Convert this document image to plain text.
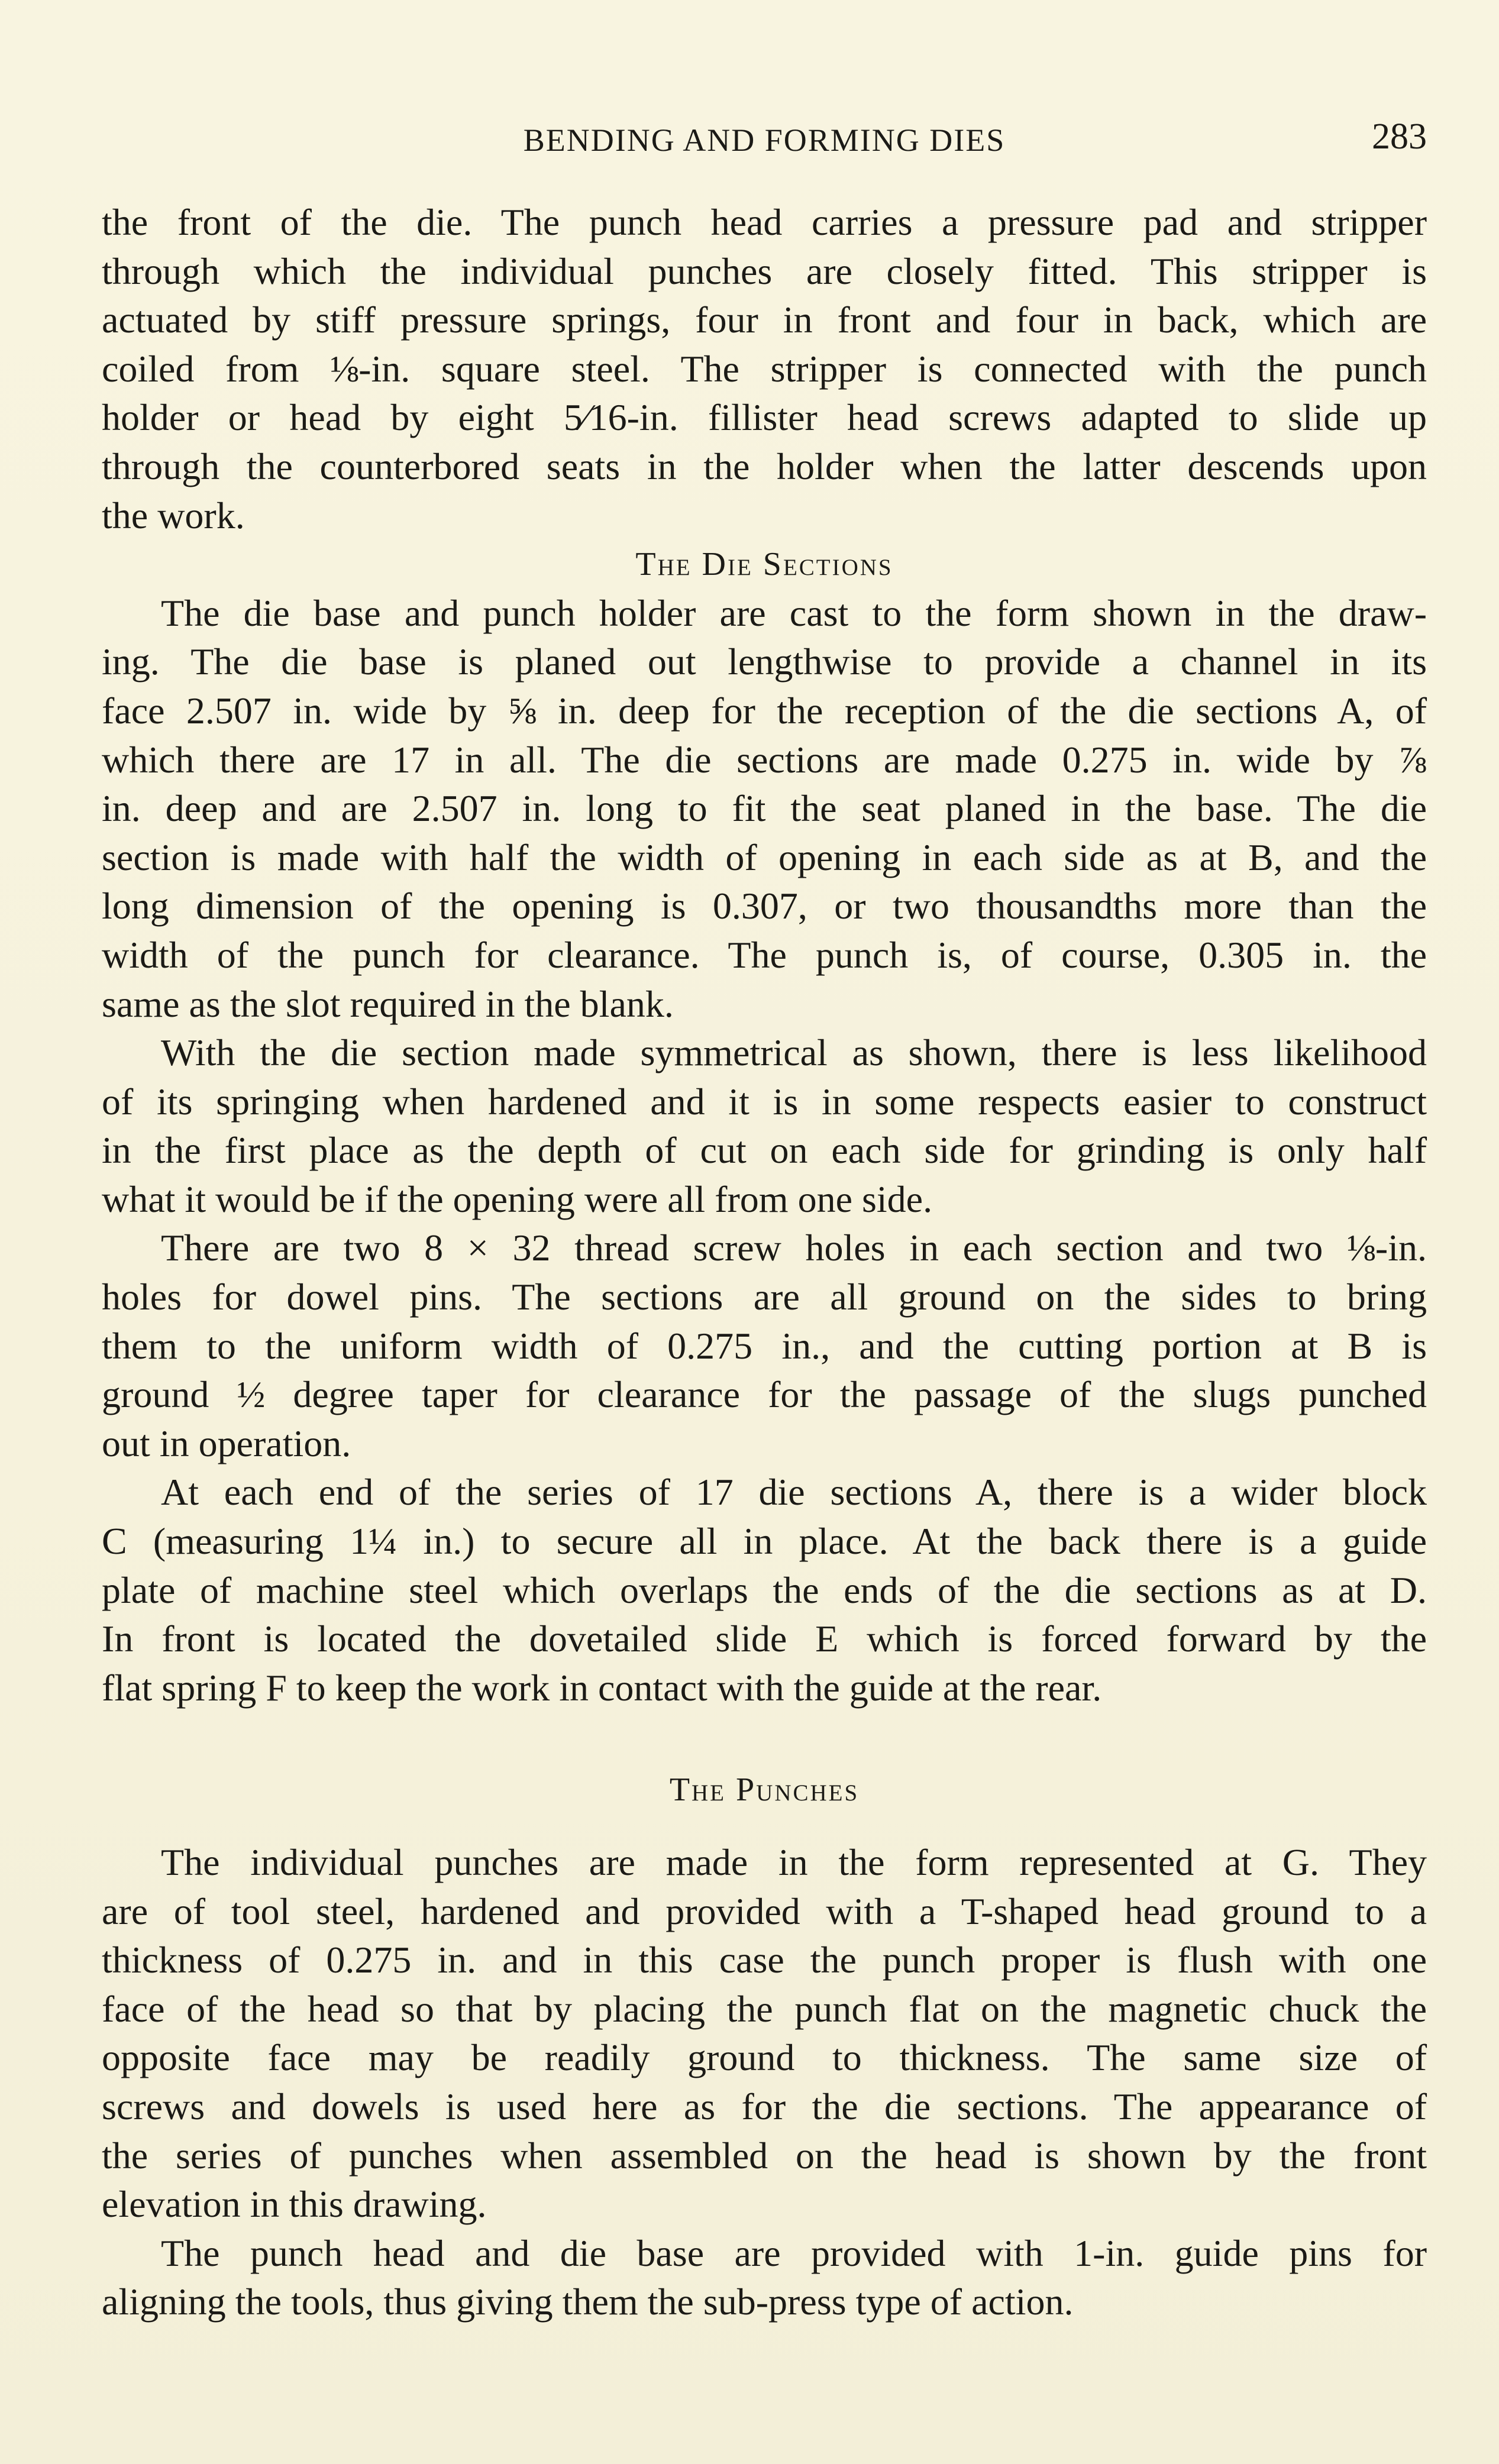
BENDING AND FORMING DIES	283
the front of the die. The punch head carries a pressure pad and stripper
through which the individual punches are closely fitted. This stripper is
actuated by stiff pressure springs, four in front and four in back, which are
coiled from ⅛-in. square steel. The stripper is connected with the punch
holder or head by eight 5⁄16-in. fillister head screws adapted to slide up
through the counterbored seats in the holder when the latter descends upon
the work.
The Die Sections
The die base and punch holder are cast to the form shown in the draw-
ing. The die base is planed out lengthwise to provide a channel in its
face 2.507 in. wide by ⅝ in. deep for the reception of the die sections A, of
which there are 17 in all. The die sections are made 0.275 in. wide by ⅞
in. deep and are 2.507 in. long to fit the seat planed in the base. The die
section is made with half the width of opening in each side as at B, and the
long dimension of the opening is 0.307, or two thousandths more than the
width of the punch for clearance. The punch is, of course, 0.305 in. the
same as the slot required in the blank.
With the die section made symmetrical as shown, there is less likelihood
of its springing when hardened and it is in some respects easier to construct
in the first place as the depth of cut on each side for grinding is only half
what it would be if the opening were all from one side.
There are two 8 × 32 thread screw holes in each section and two ⅛-in.
holes for dowel pins. The sections are all ground on the sides to bring
them to the uniform width of 0.275 in., and the cutting portion at B is
ground ½ degree taper for clearance for the passage of the slugs punched
out in operation.
At each end of the series of 17 die sections A, there is a wider block
C (measuring 1¼ in.) to secure all in place. At the back there is a guide
plate of machine steel which overlaps the ends of the die sections as at D.
In front is located the dovetailed slide E which is forced forward by the
flat spring F to keep the work in contact with the guide at the rear.
The Punches
The individual punches are made in the form represented at G. They
are of tool steel, hardened and provided with a T-shaped head ground to a
thickness of 0.275 in. and in this case the punch proper is flush with one
face of the head so that by placing the punch flat on the magnetic chuck the
opposite face may be readily ground to thickness. The same size of
screws and dowels is used here as for the die sections. The appearance of
the series of punches when assembled on the head is shown by the front
elevation in this drawing.
The punch head and die base are provided with 1-in. guide pins for
aligning the tools, thus giving them the sub-press type of action.
